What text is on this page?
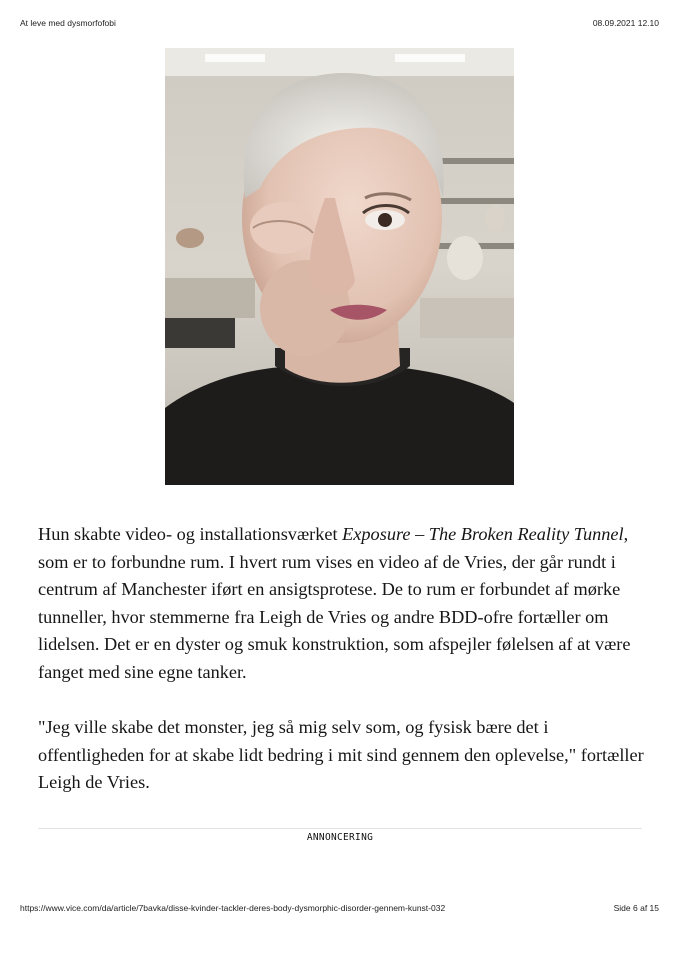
At leve med dysmorfofobi	08.09.2021 12.10

Hun skabte video- og installationsværket Exposure – The Broken Reality Tunnel, som er to forbundne rum. I hvert rum vises en video af de Vries, der går rundt i centrum af Manchester iført en ansigtsprotese. De to rum er forbundet af mørke tunneller, hvor stemmerne fra Leigh de Vries og andre BDD-ofre fortæller om lidelsen. Det er en dyster og smuk konstruktion, som afspejler følelsen af at være fanget med sine egne tanker.

"Jeg ville skabe det monster, jeg så mig selv som, og fysisk bære det i offentligheden for at skabe lidt bedring i mit sind gennem den oplevelse," fortæller Leigh de Vries.

ANNONCERING
https://www.vice.com/da/article/7bavka/disse-kvinder-tackler-deres-body-dysmorphic-disorder-gennem-kunst-032	Side 6 af 15
